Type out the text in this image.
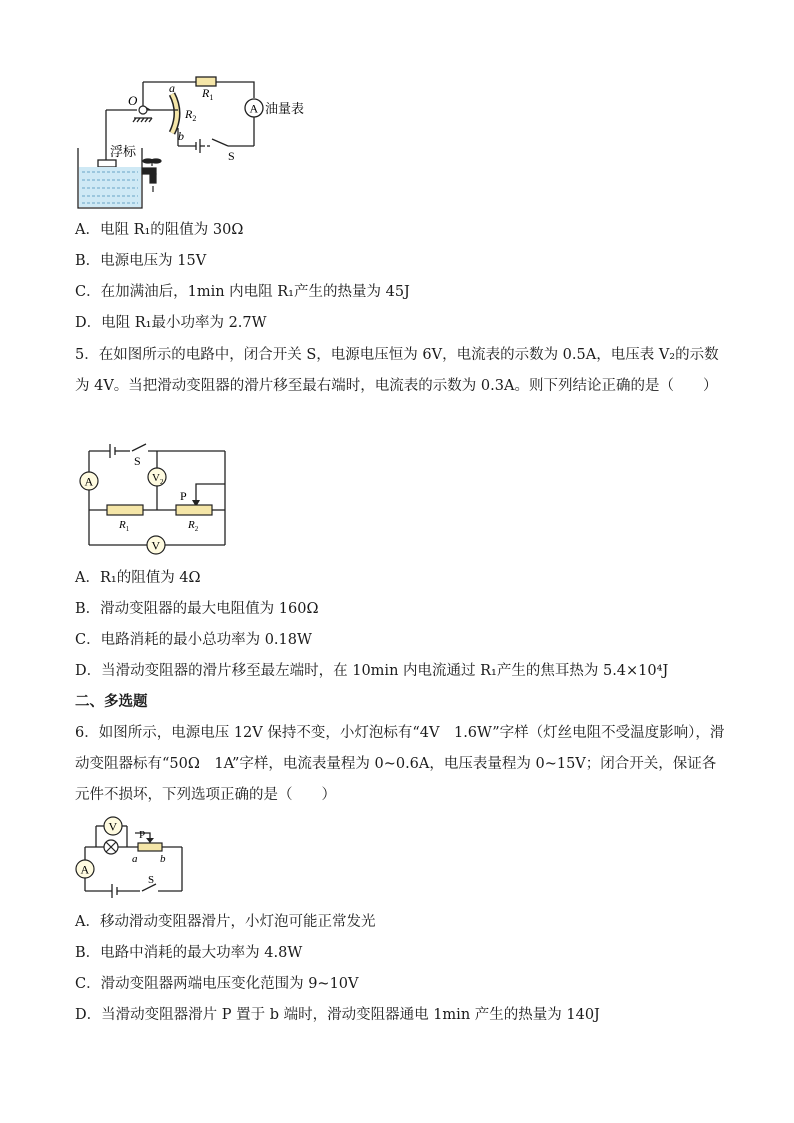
O
a
b
$R_2$
$R_1$
A 油量表
S
浮标
A．电阻 R₁的阻值为 30Ω
B．电源电压为 15V
C．在加满油后，1min 内电阻 R₁产生的热量为 45J
D．电阻 R₁最小功率为 2.7W
5．在如图所示的电路中，闭合开关 S，电源电压恒为 6V，电流表的示数为 0.5A，电压表 V₂的示数为 4V。当把滑动变阻器的滑片移至最右端时，电流表的示数为 0.3A。则下列结论正确的是（　　）
S
A	$V_2$
V
P
$R_1$	$R_2$
A．R₁的阻值为 4Ω
B．滑动变阻器的最大电阻值为 160Ω
C．电路消耗的最小总功率为 0.18W
D．当滑动变阻器的滑片移至最左端时，在 10min 内电流通过 R₁产生的焦耳热为 5.4×10⁴J
二、多选题
6．如图所示，电源电压 12V 保持不变，小灯泡标有“4V　1.6W”字样（灯丝电阻不受温度影响），滑动变阻器标有“50Ω　1A”字样，电流表量程为 0~0.6A，电压表量程为 0~15V；闭合开关，保证各元件不损坏，下列选项正确的是（　　）
V
A
P
a b
S
A．移动滑动变阻器滑片，小灯泡可能正常发光
B．电路中消耗的最大功率为 4.8W
C．滑动变阻器两端电压变化范围为 9~10V
D．当滑动变阻器滑片 P 置于 b 端时，滑动变阻器通电 1min 产生的热量为 140J
